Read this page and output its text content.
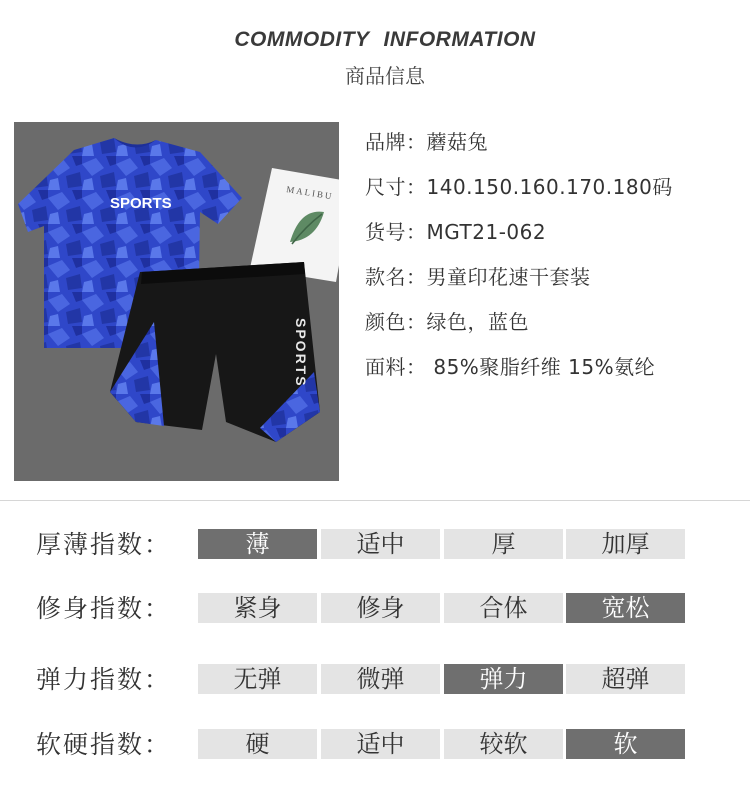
COMMODITY INFORMATION
商品信息
MALIBU
SPORTS
SPORTS
品牌：蘑菇兔
尺寸：140.150.160.170.180码
货号：MGT21-062
款名：男童印花速干套装
颜色：绿色，蓝色
面料： 85%聚脂纤维 15%氨纶
厚薄指数：	薄	适中	厚	加厚
修身指数：	紧身	修身	合体	宽松
弹力指数：	无弹	微弹	弹力	超弹
软硬指数：	硬	适中	较软	软
